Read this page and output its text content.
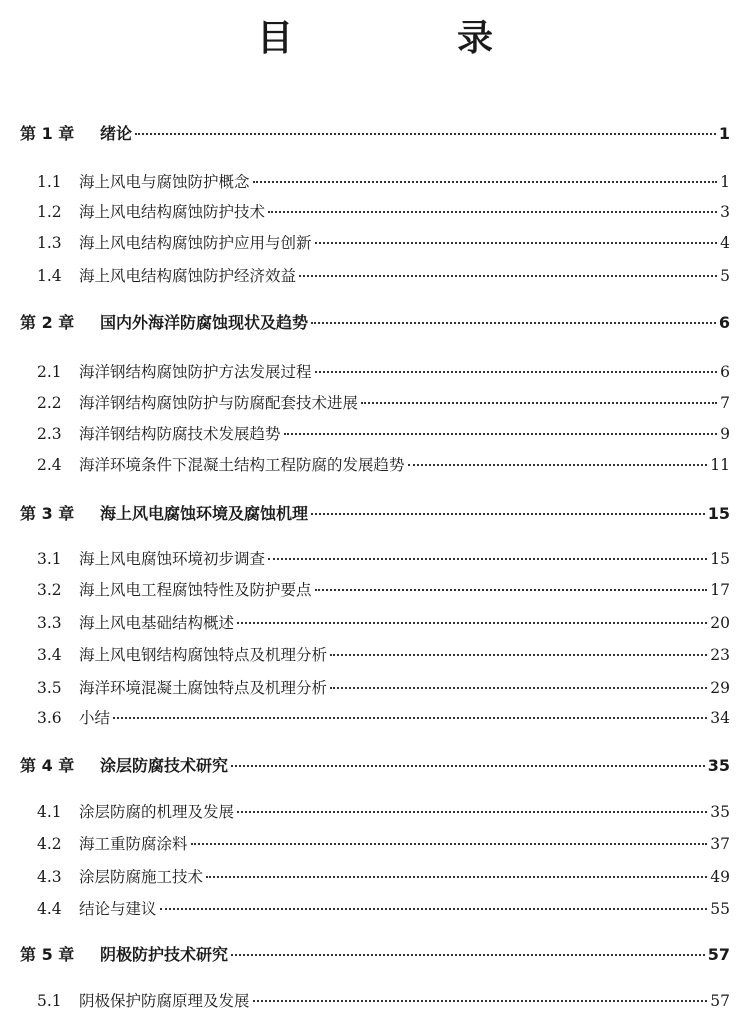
目　录
第 1 章	绪论	1
1.1	海上风电与腐蚀防护概念	1
1.2	海上风电结构腐蚀防护技术	3
1.3	海上风电结构腐蚀防护应用与创新	4
1.4	海上风电结构腐蚀防护经济效益	5
第 2 章	国内外海洋防腐蚀现状及趋势	6
2.1	海洋钢结构腐蚀防护方法发展过程	6
2.2	海洋钢结构腐蚀防护与防腐配套技术进展	7
2.3	海洋钢结构防腐技术发展趋势	9
2.4	海洋环境条件下混凝土结构工程防腐的发展趋势	11
第 3 章	海上风电腐蚀环境及腐蚀机理	15
3.1	海上风电腐蚀环境初步调查	15
3.2	海上风电工程腐蚀特性及防护要点	17
3.3	海上风电基础结构概述	20
3.4	海上风电钢结构腐蚀特点及机理分析	23
3.5	海洋环境混凝土腐蚀特点及机理分析	29
3.6	小结	34
第 4 章	涂层防腐技术研究	35
4.1	涂层防腐的机理及发展	35
4.2	海工重防腐涂料	37
4.3	涂层防腐施工技术	49
4.4	结论与建议	55
第 5 章	阴极防护技术研究	57
5.1	阴极保护防腐原理及发展	57
